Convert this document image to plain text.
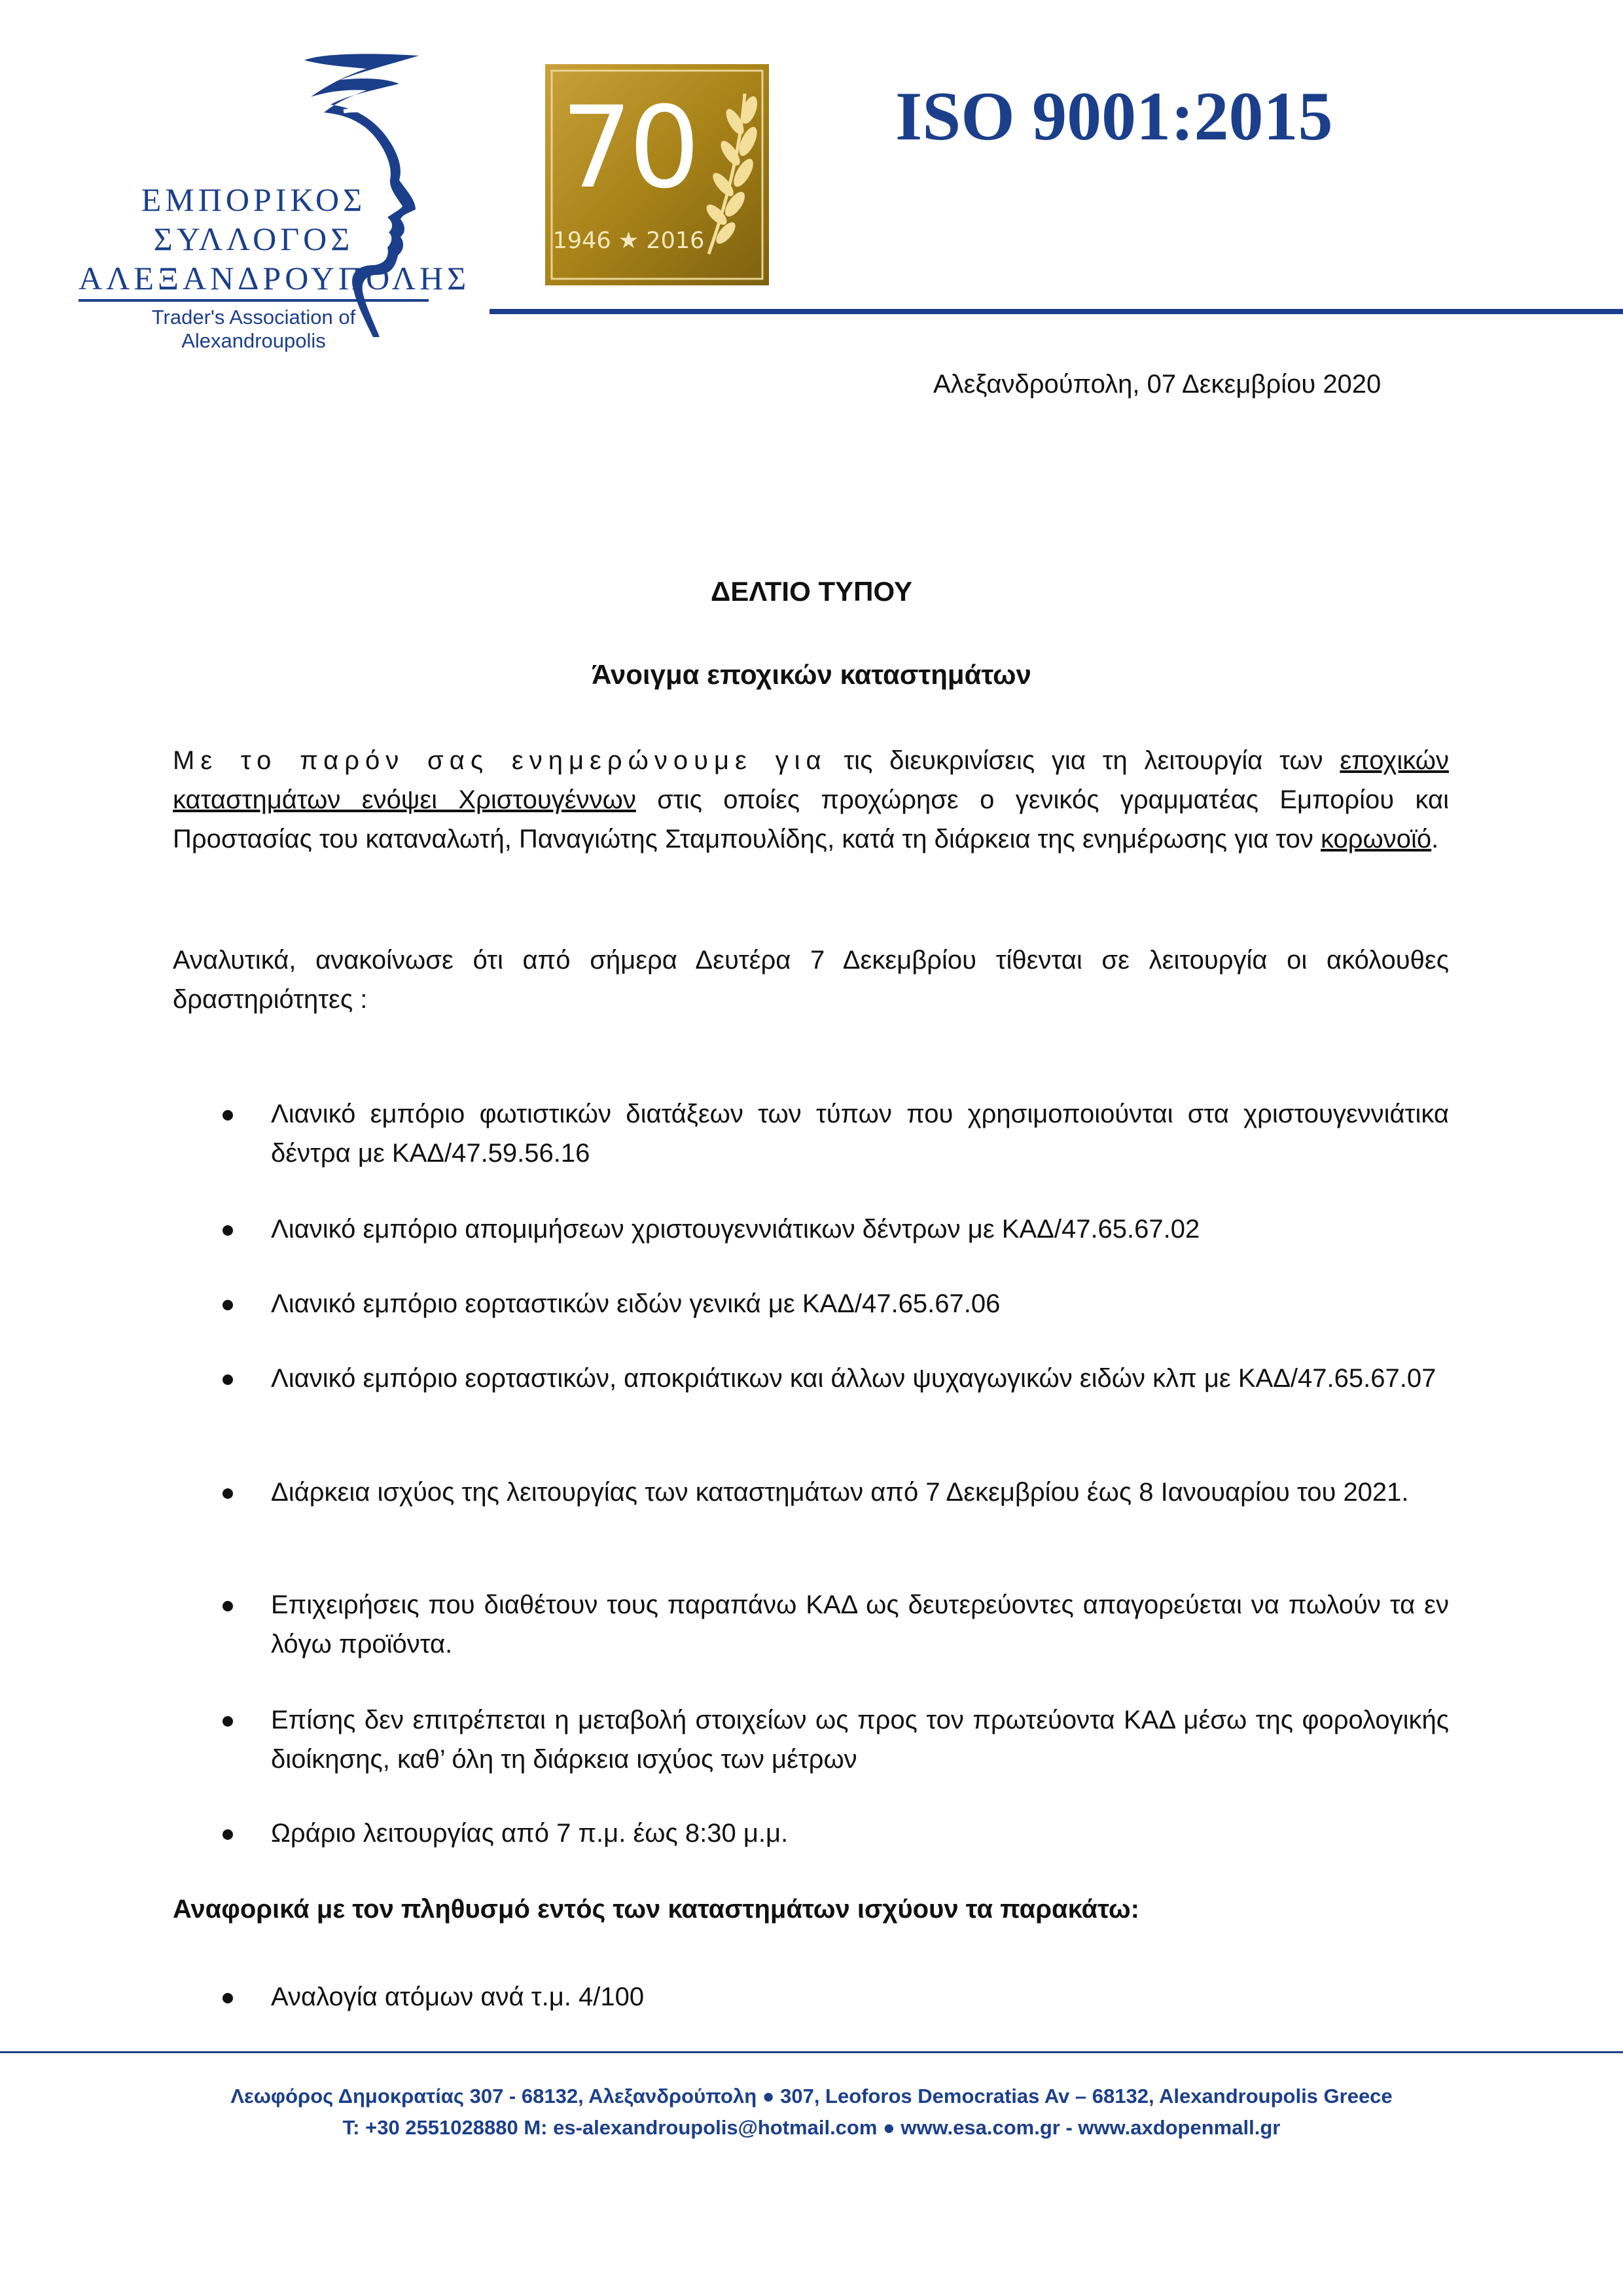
ΕΜΠΟΡΙΚΟΣ
ΣΥΛΛΟΓΟΣ
ΑΛΕΞΑΝΔΡΟΥΠΟΛΗΣ
Trader's Association of Alexandroupolis
70
1946 ★ 2016
ISO 9001:2015
Αλεξανδρούπολη, 07 Δεκεμβρίου 2020
ΔΕΛΤΙΟ ΤΥΠΟΥ
Άνοιγμα εποχικών καταστημάτων
Με το παρόν σας ενημερώνουμε για τις διευκρινίσεις για τη λειτουργία των εποχικών καταστημάτων ενόψει Χριστουγέννων στις οποίες προχώρησε ο γενικός γραμματέας Εμπορίου και Προστασίας του καταναλωτή, Παναγιώτης Σταμπουλίδης, κατά τη διάρκεια της ενημέρωσης για τον κορωνοϊό.
Αναλυτικά, ανακοίνωσε ότι από σήμερα Δευτέρα 7 Δεκεμβρίου τίθενται σε λειτουργία οι ακόλουθες δραστηριότητες :
Λιανικό εμπόριο φωτιστικών διατάξεων των τύπων που χρησιμοποιούνται στα χριστουγεννιάτικα δέντρα με ΚΑΔ/47.59.56.16
Λιανικό εμπόριο απομιμήσεων χριστουγεννιάτικων δέντρων με ΚΑΔ/47.65.67.02
Λιανικό εμπόριο εορταστικών ειδών γενικά με ΚΑΔ/47.65.67.06
Λιανικό εμπόριο εορταστικών, αποκριάτικων και άλλων ψυχαγωγικών ειδών κλπ με ΚΑΔ/47.65.67.07
Διάρκεια ισχύος της λειτουργίας των καταστημάτων από 7 Δεκεμβρίου έως 8 Ιανουαρίου του 2021.
Επιχειρήσεις που διαθέτουν τους παραπάνω ΚΑΔ ως δευτερεύοντες απαγορεύεται να πωλούν τα εν λόγω προϊόντα.
Επίσης δεν επιτρέπεται η μεταβολή στοιχείων ως προς τον πρωτεύοντα ΚΑΔ μέσω της φορολογικής διοίκησης, καθ’ όλη τη διάρκεια ισχύος των μέτρων
Ωράριο λειτουργίας από 7 π.μ. έως 8:30 μ.μ.
Αναφορικά με τον πληθυσμό εντός των καταστημάτων ισχύουν τα παρακάτω:
Αναλογία ατόμων ανά τ.μ. 4/100
Λεωφόρος Δημοκρατίας 307 - 68132, Αλεξανδρούπολη ● 307, Leoforos Democratias Av – 68132, Alexandroupolis Greece
T: +30 2551028880 M: es-alexandroupolis@hotmail.com ● www.esa.com.gr - www.axdopenmall.gr
